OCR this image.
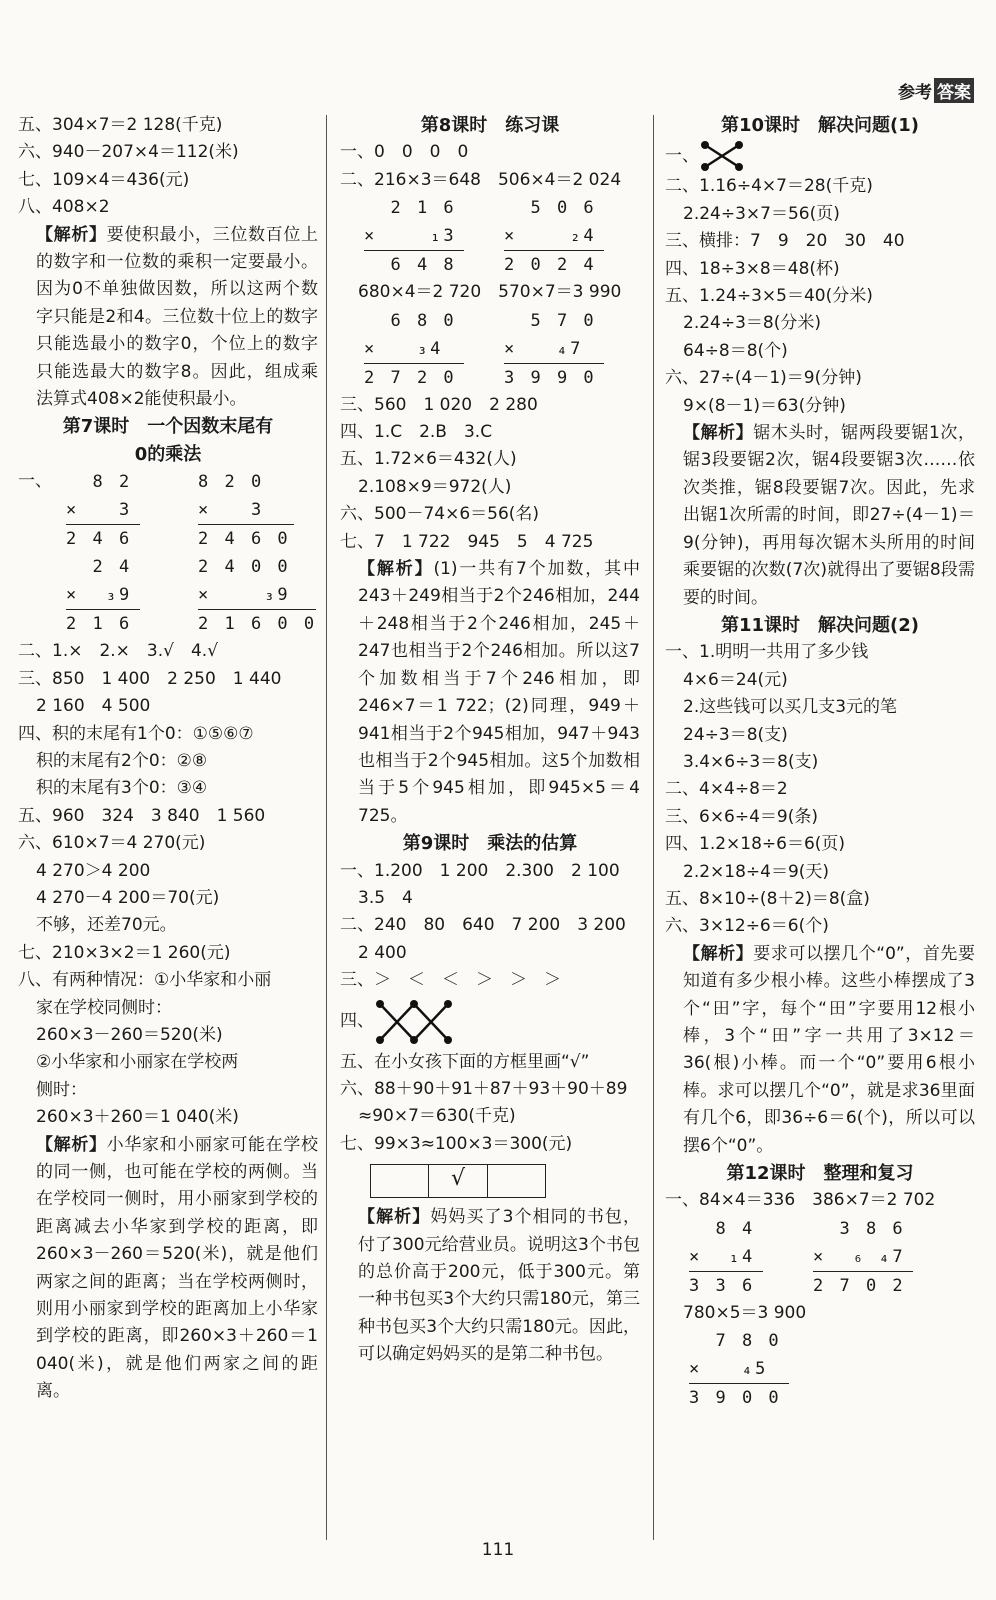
参考 答案
五、304×7＝2 128(千克)
六、940－207×4＝112(米)
七、109×4＝436(元)
八、408×2
【解析】要使积最小，三位数百位上的数字和一位数的乘积一定要最小。因为0不单独做因数，所以这两个数字只能是2和4。三位数十位上的数字只能选最小的数字0，个位上的数字只能选最大的数字8。因此，组成乘法算式408×2能使积最小。
第7课时　一个因数末尾有
0的乘法
一、 8 2
×   3
2 4 6
8 2 0
×   3
2 4 6 0
2 4
×  ₃9
2 1 6
2 4 0 0
×    ₃9
2 1 6 0 0
二、1.×　2.×　3.√　4.√
三、850　1 400　2 250　1 440
2 160　4 500
四、积的末尾有1个0：①⑤⑥⑦
积的末尾有2个0：②⑧
积的末尾有3个0：③④
五、960　324　3 840　1 560
六、610×7＝4 270(元)
4 270＞4 200
4 270－4 200＝70(元)
不够，还差70元。
七、210×3×2＝1 260(元)
八、有两种情况：①小华家和小丽
家在学校同侧时：
260×3－260＝520(米)
②小华家和小丽家在学校两
侧时：
260×3＋260＝1 040(米)
【解析】小华家和小丽家可能在学校的同一侧，也可能在学校的两侧。当在学校同一侧时，用小丽家到学校的距离减去小华家到学校的距离，即260×3－260＝520(米)，就是他们两家之间的距离；当在学校两侧时，则用小丽家到学校的距离加上小华家到学校的距离，即260×3＋260＝1 040(米)，就是他们两家之间的距离。
第8课时　练习课
一、0　0　0　0
二、216×3＝648　506×4＝2 024
2 1 6
×    ₁3
6 4 8
5 0 6
×    ₂4
2 0 2 4
680×4＝2 720　570×7＝3 990
6 8 0
×   ₃4
2 7 2 0
5 7 0
×   ₄7
3 9 9 0
三、560　1 020　2 280
四、1.C　2.B　3.C
五、1.72×6＝432(人)
2.108×9＝972(人)
六、500－74×6＝56(名)
七、7　1 722　945　5　4 725
【解析】(1)一共有7个加数，其中243＋249相当于2个246相加，244＋248相当于2个246相加，245＋247也相当于2个246相加。所以这7个加数相当于7个246相加，即246×7＝1 722；(2)同理，949＋941相当于2个945相加，947＋943也相当于2个945相加。这5个加数相当于5个945相加，即945×5＝4 725。
第9课时　乘法的估算
一、1.200　1 200　2.300　2 100
3.5　4
二、240　80　640　7 200　3 200
2 400
三、＞　＜　＜　＞　＞　＞
四、
五、在小女孩下面的方框里画“√”
六、88＋90＋91＋87＋93＋90＋89
≈90×7＝630(千克)
七、99×3≈100×3＝300(元)
√
【解析】妈妈买了3个相同的书包，付了300元给营业员。说明这3个书包的总价高于200元，低于300元。第一种书包买3个大约只需180元，第三种书包买3个大约只需180元。因此，可以确定妈妈买的是第二种书包。
第10课时　解决问题(1)
一、
二、1.16÷4×7＝28(千克)
2.24÷3×7＝56(页)
三、横排：7　9　20　30　40
四、18÷3×8＝48(杯)
五、1.24÷3×5＝40(分米)
2.24÷3＝8(分米)
64÷8＝8(个)
六、27÷(4－1)＝9(分钟)
9×(8－1)＝63(分钟)
【解析】锯木头时，锯两段要锯1次，锯3段要锯2次，锯4段要锯3次……依次类推，锯8段要锯7次。因此，先求出锯1次所需的时间，即27÷(4－1)＝9(分钟)，再用每次锯木头所用的时间乘要锯的次数(7次)就得出了要锯8段需要的时间。
第11课时　解决问题(2)
一、1.明明一共用了多少钱
4×6＝24(元)
2.这些钱可以买几支3元的笔
24÷3＝8(支)
3.4×6÷3＝8(支)
二、4×4÷8＝2
三、6×6÷4＝9(条)
四、1.2×18÷6＝6(页)
2.2×18÷4＝9(天)
五、8×10÷(8＋2)＝8(盒)
六、3×12÷6＝6(个)
【解析】要求可以摆几个“0”，首先要知道有多少根小棒。这些小棒摆成了3个“田”字，每个“田”字要用12根小棒，3个“田”字一共用了3×12＝36(根)小棒。而一个“0”要用6根小棒。求可以摆几个“0”，就是求36里面有几个6，即36÷6＝6(个)，所以可以摆6个“0”。
第12课时　整理和复习
一、84×4＝336　386×7＝2 702
8 4
×  ₁4
3 3 6
3 8 6
×  ₆ ₄7
2 7 0 2
780×5＝3 900
7 8 0
×   ₄5
3 9 0 0
111
